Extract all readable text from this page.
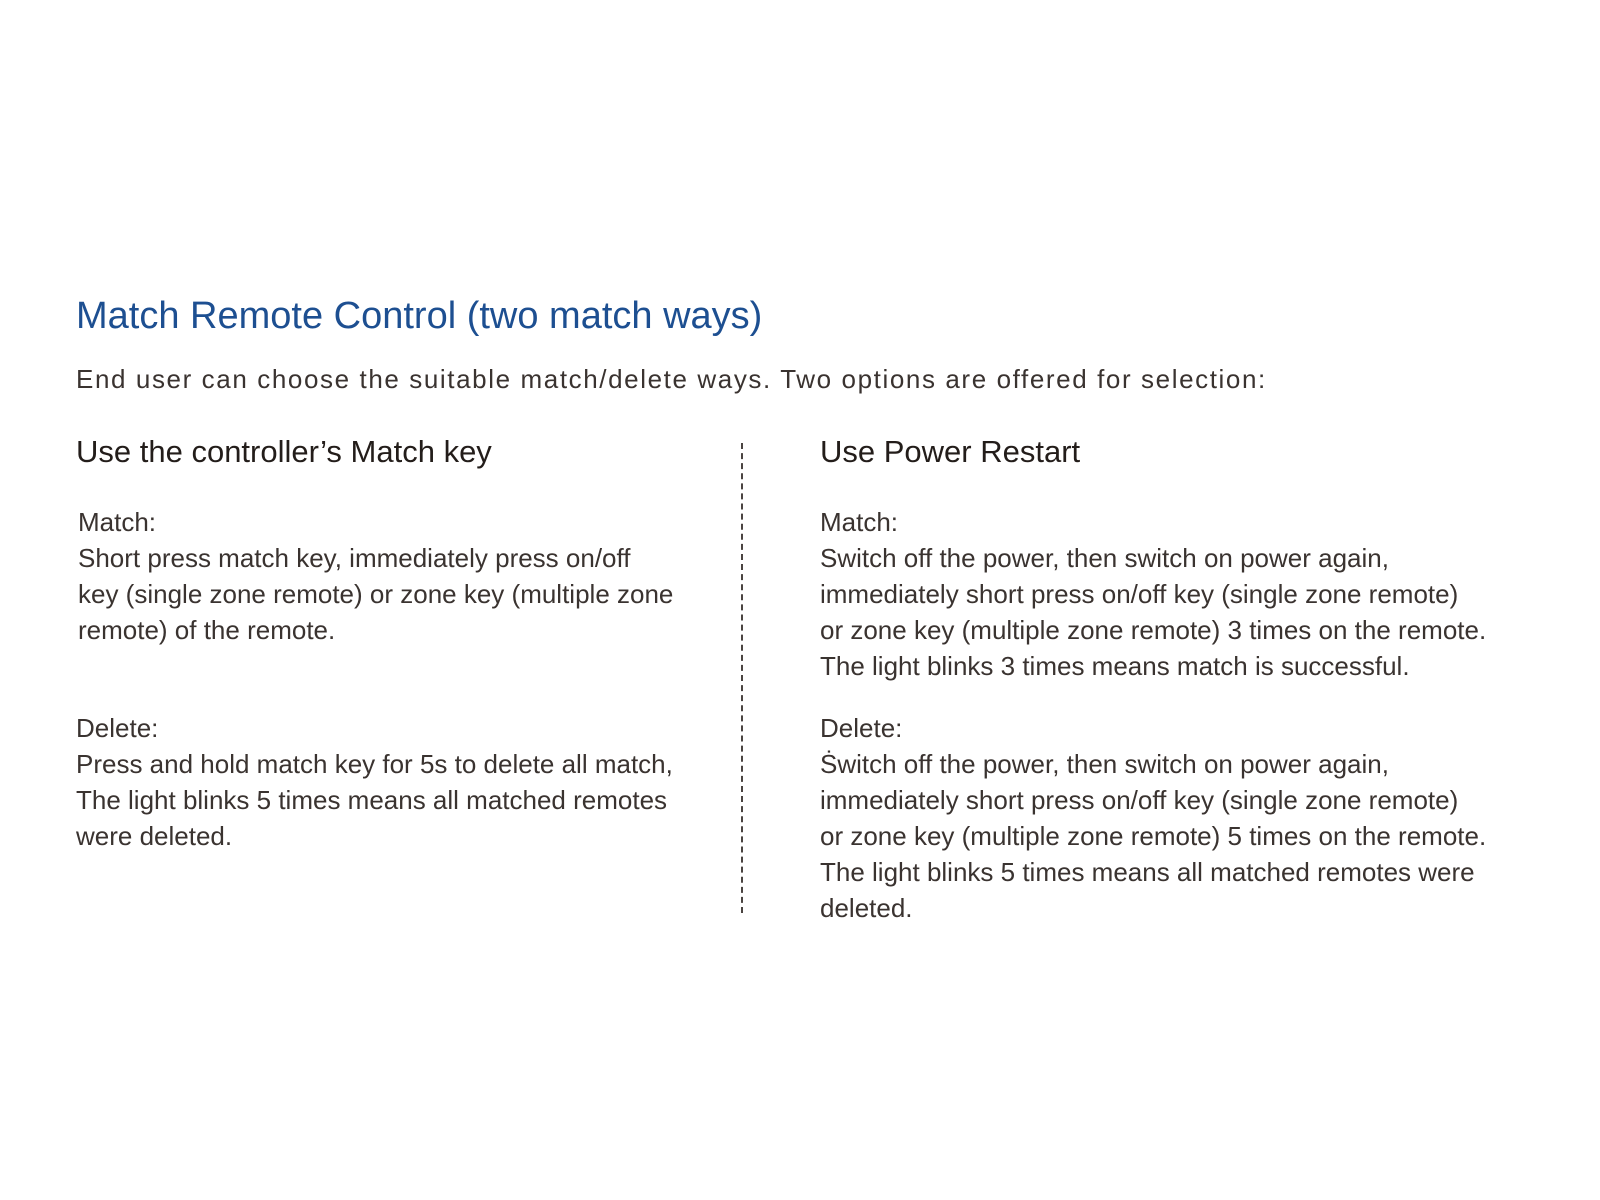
Match Remote Control (two match ways)

End user can choose the suitable match/delete ways. Two options are offered for selection:

Use the controller’s Match key
Match:

Short press match key, immediately press on/off
key (single zone remote) or zone key (multiple zone
remote) of the remote.

Delete:

Press and hold match key for 5s to delete all match,
The light blinks 5 times means all matched remotes
were deleted.

Use Power Restart
Match:

Switch off the power, then switch on power again,
immediately short press on/off key (single zone remote)
or zone key (multiple zone remote) 3 times on the remote.
The light blinks 3 times means match is successful.

Delete:

Ṡwitch off the power, then switch on power again,
immediately short press on/off key (single zone remote)
or zone key (multiple zone remote) 5 times on the remote.
The light blinks 5 times means all matched remotes were
deleted.
